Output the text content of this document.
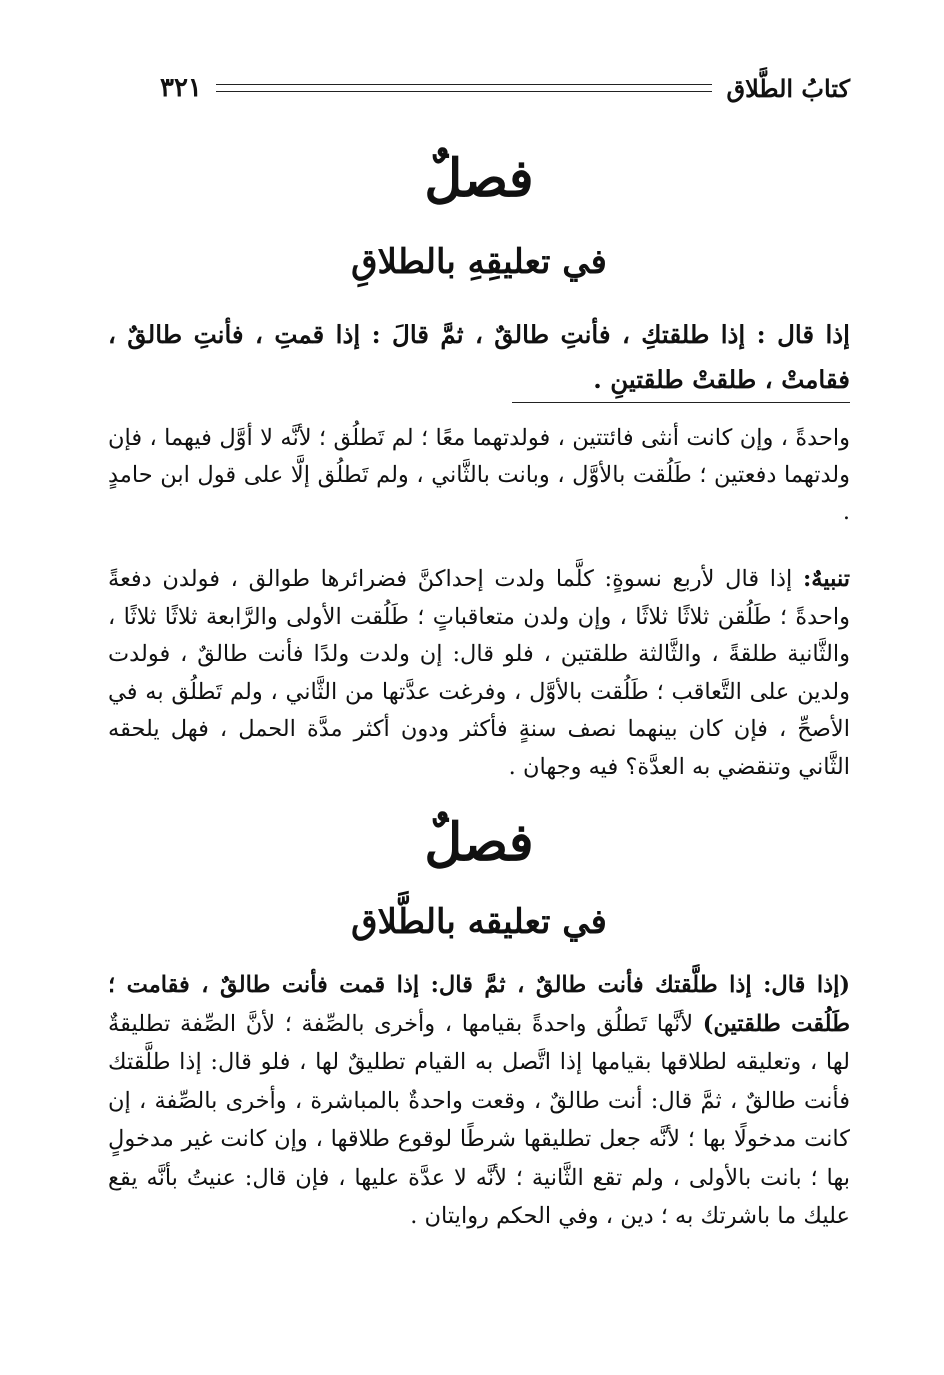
كتابُ الطَّلاق
٣٢١
فصلٌ
في تعليقِهِ بالطلاقِ
إذا قال : إذا طلقتكِ ، فأنتِ طالقٌ ، ثمَّ قالَ : إذا قمتِ ، فأنتِ طالقٌ ، فقامتْ ، طلقتْ طلقتينِ .
واحدةً ، وإن كانت أنثى فائتتين ، فولدتهما معًا ؛ لم تَطلُق ؛ لأنَّه لا أوَّل فيهما ، فإن ولدتهما دفعتين ؛ طَلُقت بالأوَّل ، وبانت بالثَّاني ، ولم تَطلُق إلَّا على قول ابن حامدٍ .
تنبيهٌ: إذا قال لأربع نسوةٍ: كلَّما ولدت إحداكنَّ فضرائرها طوالق ، فولدن دفعةً واحدةً ؛ طَلُقن ثلاثًا ثلاثًا ، وإن ولدن متعاقباتٍ ؛ طَلُقت الأولى والرَّابعة ثلاثًا ثلاثًا ، والثَّانية طلقةً ، والثَّالثة طلقتين ، فلو قال: إن ولدت ولدًا فأنت طالقٌ ، فولدت ولدين على التَّعاقب ؛ طَلُقت بالأوَّل ، وفرغت عدَّتها من الثَّاني ، ولم تَطلُق به في الأصحِّ ، فإن كان بينهما نصف سنةٍ فأكثر ودون أكثر مدَّة الحمل ، فهل يلحقه الثَّاني وتنقضي به العدَّة؟ فيه وجهان .
فصلٌ
في تعليقه بالطَّلاق
(إذا قال: إذا طلَّقتك فأنت طالقٌ ، ثمَّ قال: إذا قمت فأنت طالقٌ ، فقامت ؛ طَلُقت طلقتين) لأنَّها تَطلُق واحدةً بقيامها ، وأخرى بالصِّفة ؛ لأنَّ الصِّفة تطليقةٌ لها ، وتعليقه لطلاقها بقيامها إذا اتَّصل به القيام تطليقٌ لها ، فلو قال: إذا طلَّقتك فأنت طالقٌ ، ثمَّ قال: أنت طالقٌ ، وقعت واحدةٌ بالمباشرة ، وأخرى بالصِّفة ، إن كانت مدخولًا بها ؛ لأنَّه جعل تطليقها شرطًا لوقوع طلاقها ، وإن كانت غير مدخولٍ بها ؛ بانت بالأولى ، ولم تقع الثَّانية ؛ لأنَّه لا عدَّة عليها ، فإن قال: عنيتُ بأنَّه يقع عليك ما باشرتك به ؛ دين ، وفي الحكم روايتان .
